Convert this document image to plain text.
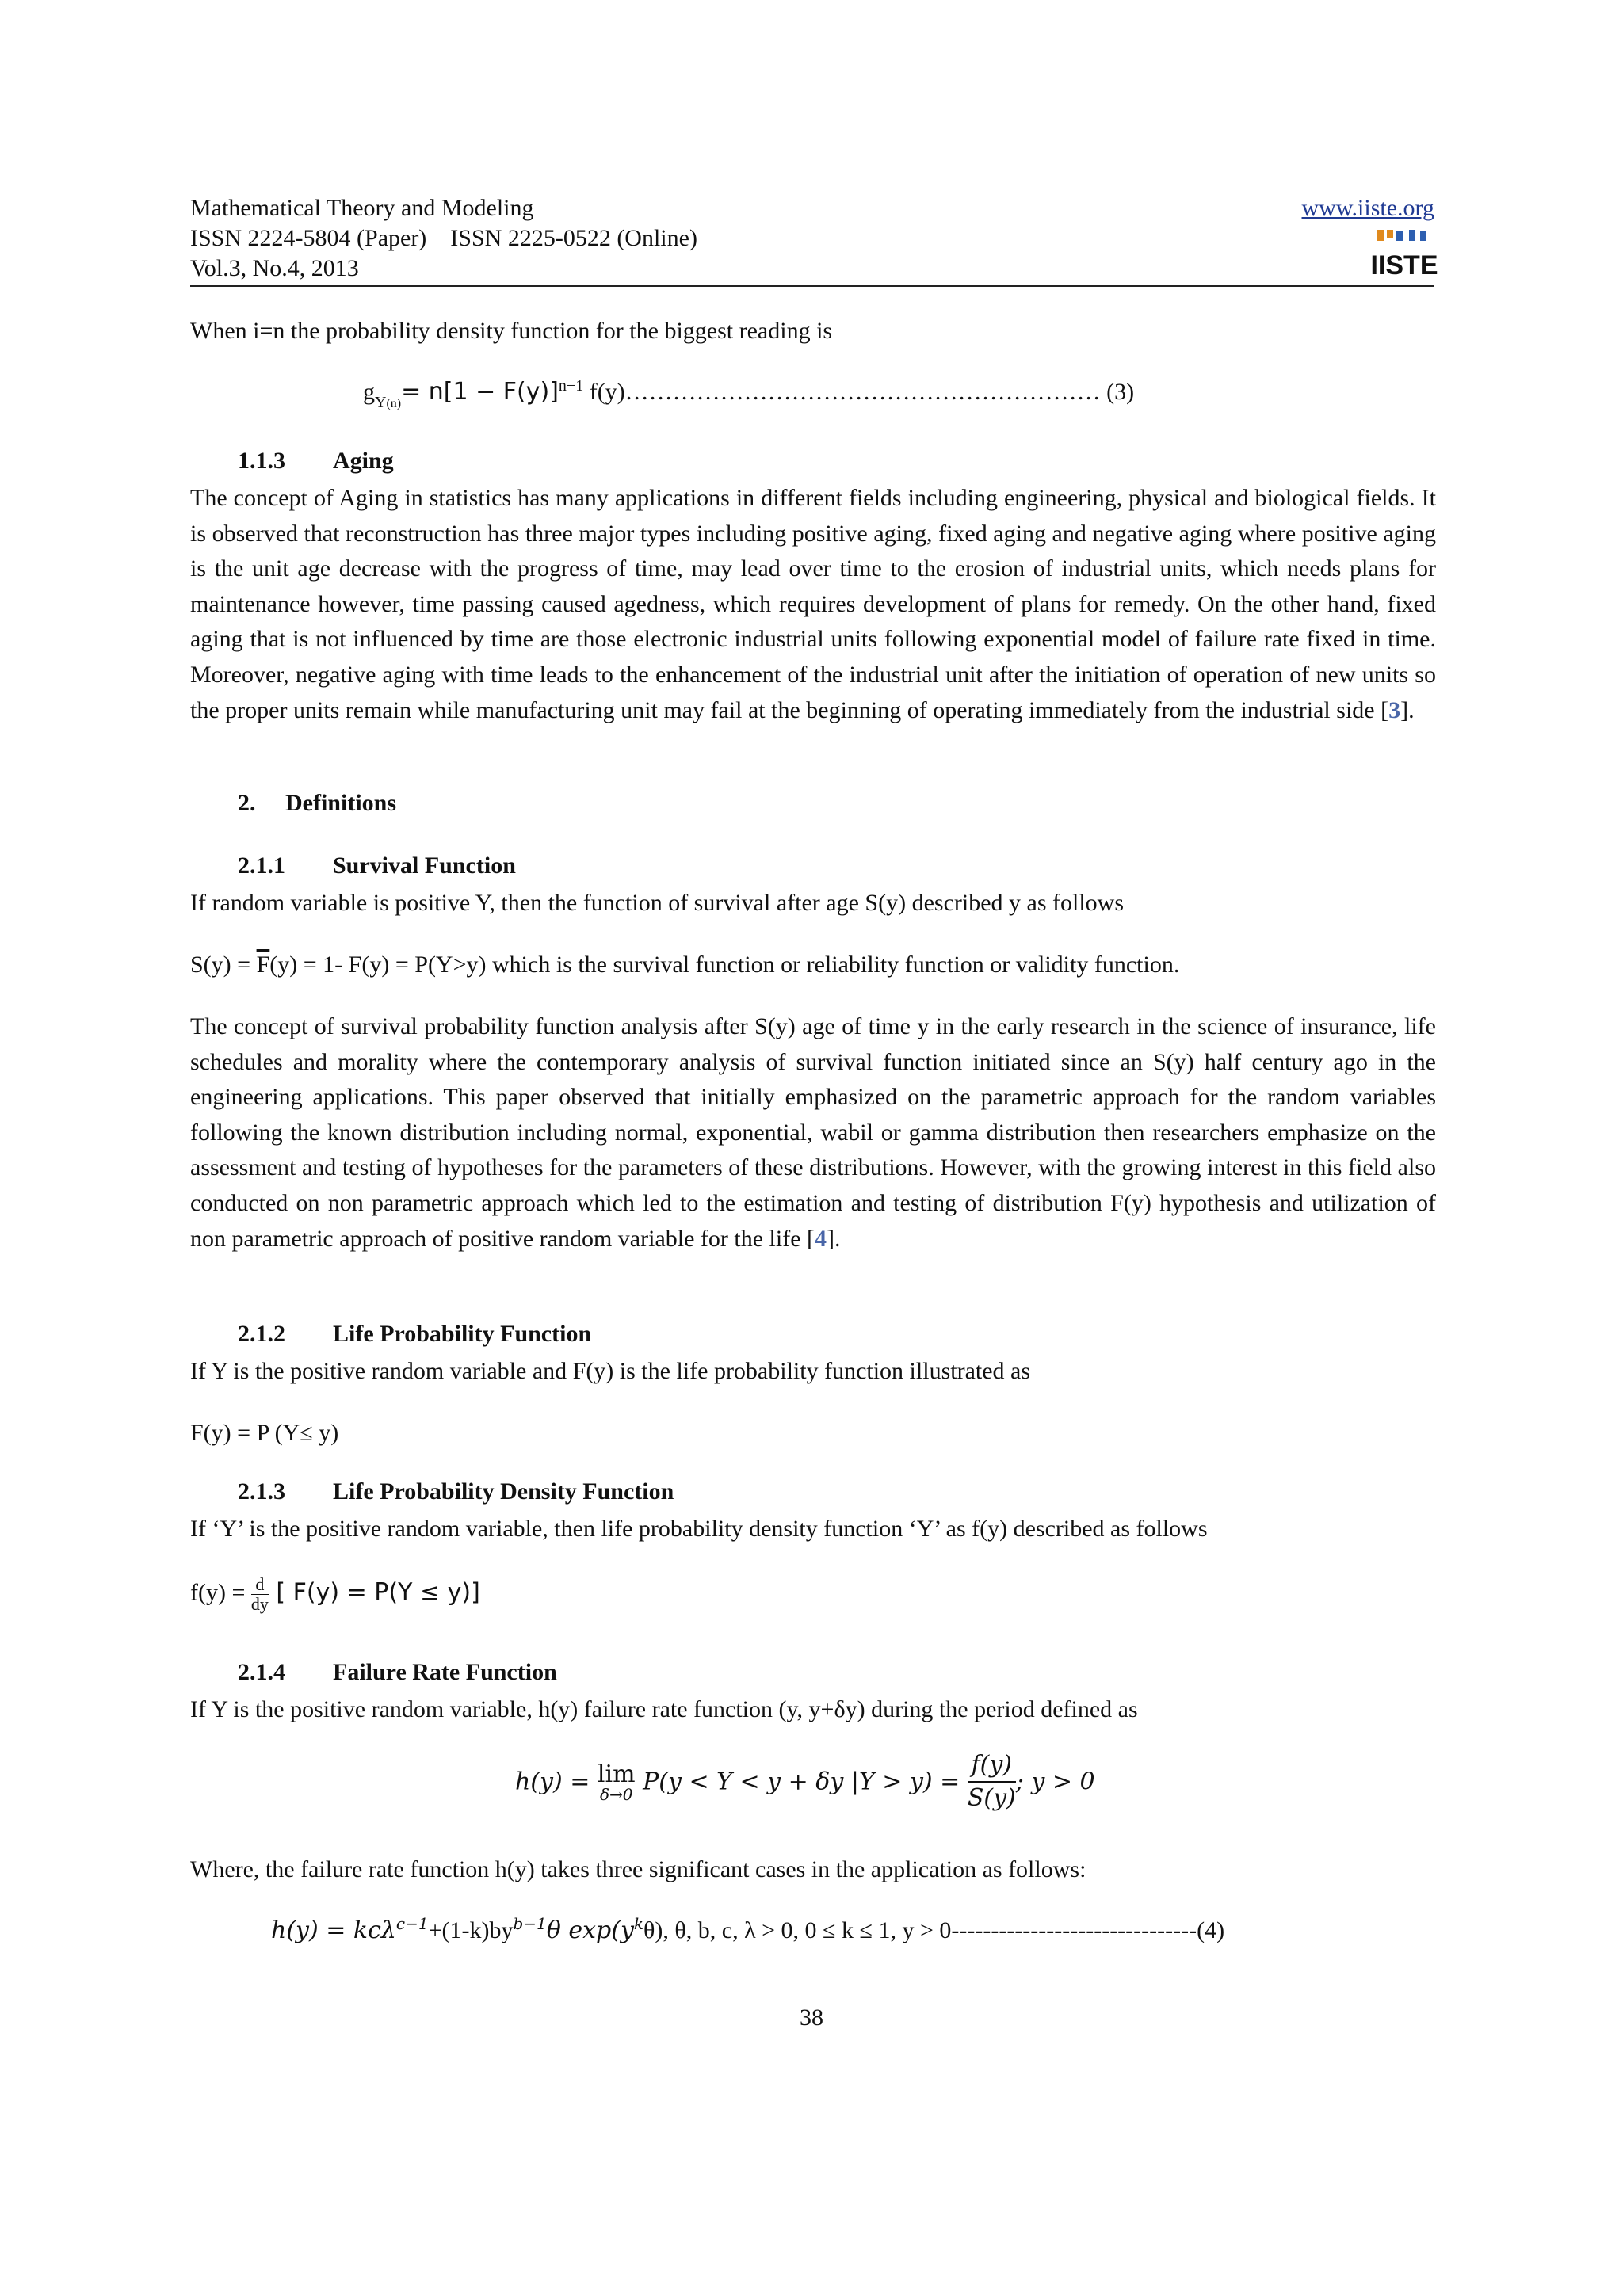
Mathematical Theory and Modeling
ISSN 2224-5804 (Paper)    ISSN 2225-0522 (Online)
Vol.3, No.4, 2013
www.iiste.org
IISTE
When i=n the probability density function for the biggest reading is
$g_{Y(n)}= n[1 - F(y)]^{n-1}$ f(y)…………………………………………………… (3)
1.1.3 Aging
The concept of Aging in statistics has many applications in different fields including engineering, physical and biological fields. It is observed that reconstruction has three major types including positive aging, fixed aging and negative aging where positive aging is the unit age decrease with the progress of time, may lead over time to the erosion of industrial units, which needs plans for maintenance however, time passing caused agedness, which requires development of plans for remedy. On the other hand, fixed aging that is not influenced by time are those electronic industrial units following exponential model of failure rate fixed in time. Moreover, negative aging with time leads to the enhancement of the industrial unit after the initiation of operation of new units so the proper units remain while manufacturing unit may fail at the beginning of operating immediately from the industrial side [3].
2. Definitions
2.1.1 Survival Function
If random variable is positive Y, then the function of survival after age S(y) described y as follows
$S(y) = \overline{F}(y) = 1-$ F(y) = P(Y>y) which is the survival function or reliability function or validity function.
The concept of survival probability function analysis after S(y) age of time y in the early research in the science of insurance, life schedules and morality where the contemporary analysis of survival function initiated since an S(y) half century ago in the engineering applications. This paper observed that initially emphasized on the parametric approach for the random variables following the known distribution including normal, exponential, wabil or gamma distribution then researchers emphasize on the assessment and testing of hypotheses for the parameters of these distributions. However, with the growing interest in this field also conducted on non parametric approach which led to the estimation and testing of distribution F(y) hypothesis and utilization of non parametric approach of positive random variable for the life [4].
2.1.2 Life Probability Function
If Y is the positive random variable and F(y) is the life probability function illustrated as
F(y) = P (Y≤ y)
2.1.3 Life Probability Density Function
If ‘Y’ is the positive random variable, then life probability density function ‘Y’ as f(y) described as follows
$f(y) = \frac{d}{dy}$ [ F(y) = P(Y ≤ y)]
2.1.4 Failure Rate Function
If Y is the positive random variable, h(y) failure rate function (y, y+δy) during the period defined as
h(y) = lim
δ→0 P(y < Y < y + δy $|Y > y) = \frac{f(y)}{S(y)}$ ; y > 0
Where, the failure rate function h(y) takes three significant cases in the application as follows:
$h(y) = kc\lambda^{c-1}+(1-k)by^{b-1}\theta$ $\exp(y^k\theta)$, θ, b, c, λ > 0, 0 ≤ k ≤ 1, y > 0-------------------------------(4)
38
